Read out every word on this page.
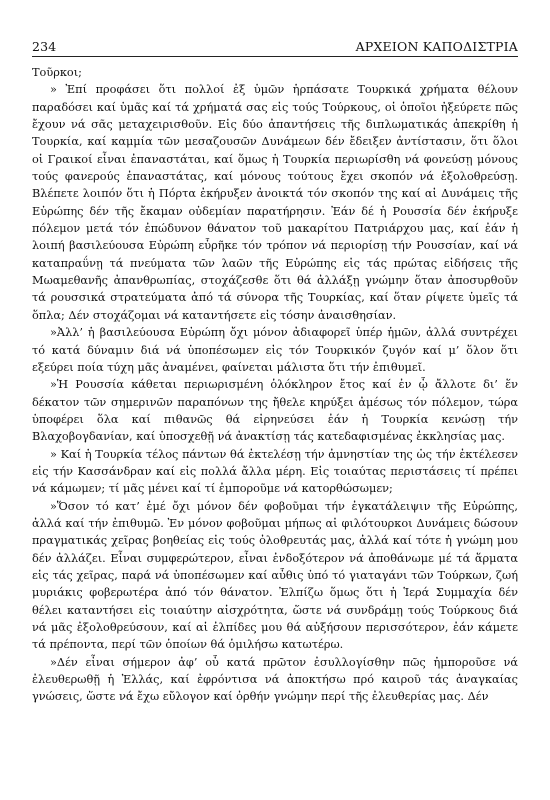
234	ΑΡΧΕΙΟΝ ΚΑΠΟΔΙΣΤΡΙΑ

Τοῦρκοι;

» Ἐπί προφάσει ὅτι πολλοί ἐξ ὑμῶν ἡρπάσατε Τουρκικά χρήματα θέλουν παραδόσει καί ὑμᾶς καί τά χρήματά σας εἰς τούς Τούρκους, οἱ ὁποῖοι ἠξεύρετε πῶς ἔχουν νά σᾶς μεταχειρισθοῦν. Εἰς δύο ἀπαντήσεις τῆς διπλωματικάς ἀπεκρίθη ἡ Τουρκία, καί καμμία τῶν μεσαζουσῶν Δυνάμεων δέν ἔδειξεν ἀντίστασιν, ὅτι ὅλοι οἱ Γραικοί εἶναι ἐπαναστάται, καί ὅμως ἡ Τουρκία περιωρίσθη νά φονεύσῃ μόνους τούς φανερούς ἐπαναστάτας, καί μόνους τούτους ἔχει σκοπόν νά ἐξολοθρεύσῃ. Βλέπετε λοιπόν ὅτι ἡ Πόρτα ἐκήρυξεν ἀνοικτά τόν σκοπόν της καί αἱ Δυνάμεις τῆς Εὐρώπης δέν τῆς ἔκαμαν οὐδεμίαν παρατήρησιν. Ἐάν δέ ἡ Ρουσσία δέν ἐκήρυξε πόλεμον μετά τόν ἐπώδυνον θάνατον τοῦ μακαρίτου Πατριάρχου μας, καί ἐάν ἡ λοιπή βασιλεύουσα Εὐρώπη εὗρῆκε τόν τρόπον νά περιορίσῃ τήν Ρουσσίαν, καί νά καταπραΰνῃ τά πνεύματα τῶν λαῶν τῆς Εὐρώπης εἰς τάς πρώτας εἰδήσεις τῆς Μωαμεθανῆς ἀπανθρωπίας, στοχάζεσθε ὅτι θά ἀλλάξῃ γνώμην ὅταν ἀποσυρθοῦν τά ρουσσικά στρατεύματα ἀπό τά σύνορα τῆς Τουρκίας, καί ὅταν ρίψετε ὑμεῖς τά ὅπλα; Δέν στοχάζομαι νά καταντήσετε εἰς τόσην ἀναισθησίαν.

»Ἀλλ’ ἡ βασιλεύουσα Εὐρώπη ὄχι μόνον ἀδιαφορεῖ ὑπέρ ἡμῶν, ἀλλά συντρέχει τό κατά δύναμιν διά νά ὑποπέσωμεν εἰς τόν Τουρκικόν ζυγόν καί μ’ ὅλον ὅτι εξεύρει ποία τύχη μᾶς ἀναμένει, φαίνεται μάλιστα ὅτι τήν ἐπιθυμεῖ.

»Ἡ Ρουσσία κάθεται περιωρισμένη ὁλόκληρον ἔτος καί ἐν ᾧ ἄλλοτε δι’ ἕν δέκατον τῶν σημερινῶν παραπόνων της ἤθελε κηρύξει ἀμέσως τόν πόλεμον, τώρα ὑποφέρει ὅλα καί πιθανῶς θά εἰρηνεύσει ἐάν ἡ Τουρκία κενώσῃ τήν Βλαχοβογδανίαν, καί ὑποσχεθῇ νά ἀνακτίσῃ τάς κατεδαφισμένας ἐκκλησίας μας.

» Καί ἡ Τουρκία τέλος πάντων θά ἐκτελέσῃ τήν ἀμνηστίαν της ὡς τήν ἐκτέλεσεν εἰς τήν Κασσάνδραν καί εἰς πολλά ἄλλα μέρη. Εἰς τοιαύτας περιστάσεις τί πρέπει νά κάμωμεν; τί μᾶς μένει καί τί ἐμποροῦμε νά κατορθώσωμεν;

»Ὅσον τό κατ’ ἐμέ ὄχι μόνον δέν φοβοῦμαι τήν ἐγκατάλειψιν τῆς Εὐρώπης, ἀλλά καί τήν ἐπιθυμῶ. Ἐν μόνον φοβοῦμαι μήπως αἱ φιλότουρκοι Δυνάμεις δώσουν πραγματικάς χεῖρας βοηθείας εἰς τούς ὀλοθρευτάς μας, ἀλλά καί τότε ἡ γνώμη μου δέν ἀλλάζει. Εἶναι συμφερώτερον, εἶναι ἐνδοξότερον νά ἀποθάνωμε μέ τά ἅρματα εἰς τάς χεῖρας, παρά νά ὑποπέσωμεν καί αὖθις ὑπό τό γιαταγάνι τῶν Τούρκων, ζωή μυριάκις φοβερωτέρα ἀπό τόν θάνατον. Ἐλπίζω ὅμως ὅτι ἡ Ἱερά Συμμαχία δέν θέλει καταντήσει εἰς τοιαύτην αἰσχρότητα, ὥστε νά συνδράμῃ τούς Τούρκους διά νά μᾶς ἐξολοθρεύσουν, καί αἱ ἐλπίδες μου θά αὐξήσουν περισσότερον, ἐάν κάμετε τά πρέποντα, περί τῶν ὁποίων θά ὁμιλήσω κατωτέρω.

»Δέν εἶναι σήμερον ἀφ’ οὗ κατά πρῶτον ἐσυλλογίσθην πῶς ἠμποροῦσε νά ἐλευθερωθῇ ἡ Ἑλλάς, καί ἐφρόντισα νά ἀποκτήσω πρό καιροῦ τάς ἀναγκαίας γνώσεις, ὥστε νά ἔχω εὔλογον καί ὀρθήν γνώμην περί τῆς ἐλευθερίας μας. Δέν
